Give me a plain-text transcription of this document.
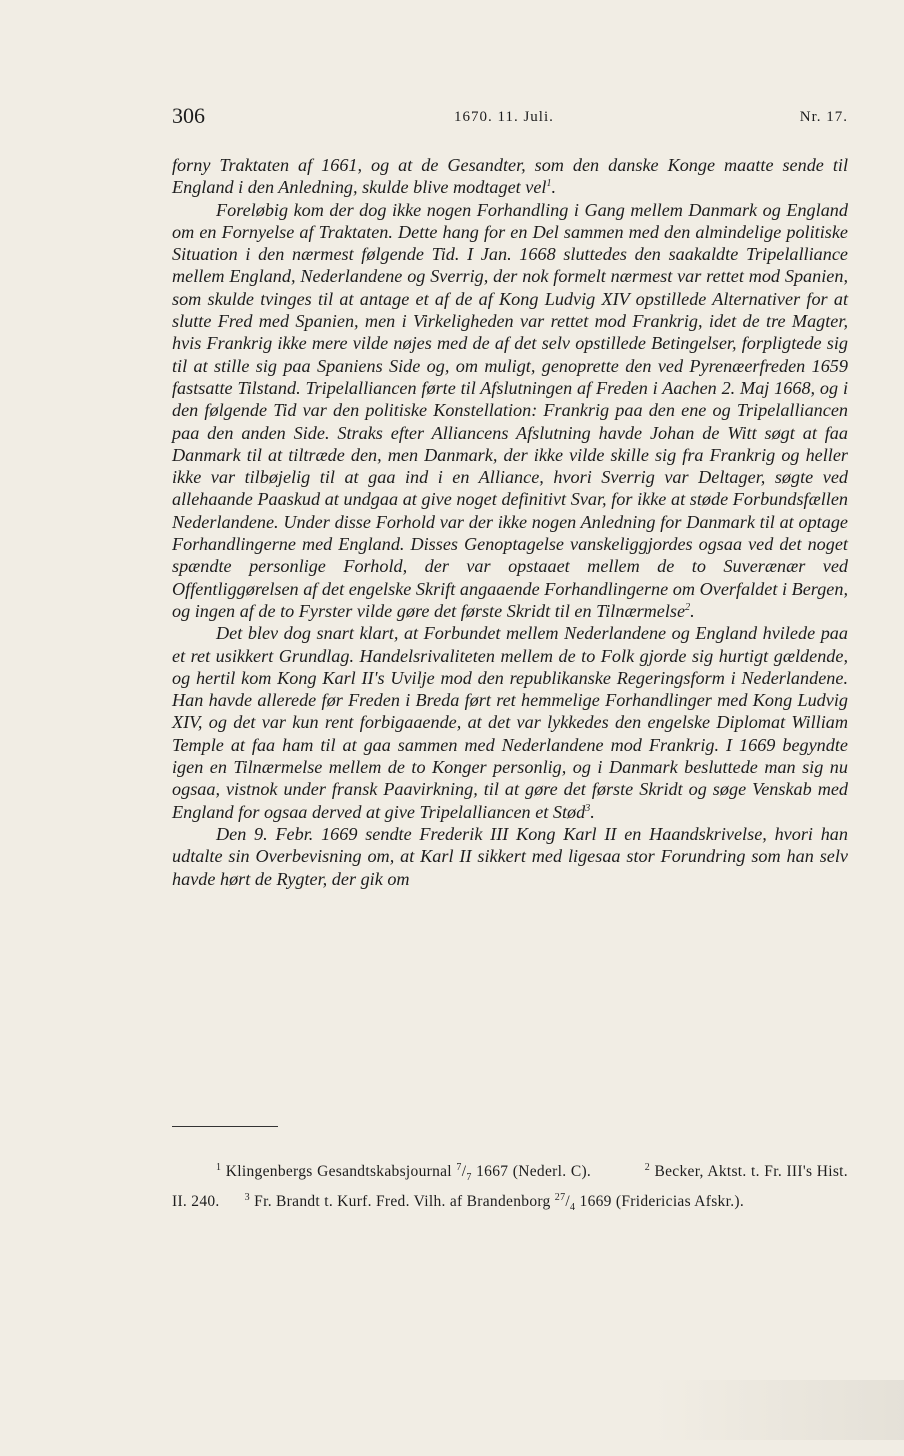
306	1670. 11. Juli.	Nr. 17.

forny Traktaten af 1661, og at de Gesandter, som den danske Konge maatte sende til England i den Anledning, skulde blive modtaget vel$^1$.

Foreløbig kom der dog ikke nogen Forhandling i Gang mellem Danmark og England om en Fornyelse af Traktaten. Dette hang for en Del sammen med den almindelige politiske Situation i den nærmest følgende Tid. I Jan. 1668 sluttedes den saakaldte Tripelalliance mellem England, Nederlandene og Sverrig, der nok formelt nærmest var rettet mod Spanien, som skulde tvinges til at antage et af de af Kong Ludvig XIV opstillede Alternativer for at slutte Fred med Spanien, men i Virkeligheden var rettet mod Frankrig, idet de tre Magter, hvis Frankrig ikke mere vilde nøjes med de af det selv opstillede Betingelser, forpligtede sig til at stille sig paa Spaniens Side og, om muligt, genoprette den ved Pyrenæerfreden 1659 fastsatte Tilstand. Tripelalliancen førte til Afslutningen af Freden i Aachen 2. Maj 1668, og i den følgende Tid var den politiske Konstellation: Frankrig paa den ene og Tripelalliancen paa den anden Side. Straks efter Alliancens Afslutning havde Johan de Witt søgt at faa Danmark til at tiltræde den, men Danmark, der ikke vilde skille sig fra Frankrig og heller ikke var tilbøjelig til at gaa ind i en Alliance, hvori Sverrig var Deltager, søgte ved allehaande Paaskud at undgaa at give noget definitivt Svar, for ikke at støde Forbundsfællen Nederlandene. Under disse Forhold var der ikke nogen Anledning for Danmark til at optage Forhandlingerne med England. Disses Genoptagelse vanskeliggjordes ogsaa ved det noget spændte personlige Forhold, der var opstaaet mellem de to Suverænær ved Offentliggørelsen af det engelske Skrift angaaende Forhandlingerne om Overfaldet i Bergen, og ingen af de to Fyrster vilde gøre det første Skridt til en Tilnærmelse$^2$.

Det blev dog snart klart, at Forbundet mellem Nederlandene og England hvilede paa et ret usikkert Grundlag. Handelsrivaliteten mellem de to Folk gjorde sig hurtigt gældende, og hertil kom Kong Karl II's Uvilje mod den republikanske Regeringsform i Nederlandene. Han havde allerede før Freden i Breda ført ret hemmelige Forhandlinger med Kong Ludvig XIV, og det var kun rent forbigaaende, at det var lykkedes den engelske Diplomat William Temple at faa ham til at gaa sammen med Nederlandene mod Frankrig. I 1669 begyndte igen en Tilnærmelse mellem de to Konger personlig, og i Danmark besluttede man sig nu ogsaa, vistnok under fransk Paavirkning, til at gøre det første Skridt og søge Venskab med England for ogsaa derved at give Tripelalliancen et Stød$^3$.

Den 9. Febr. 1669 sendte Frederik III Kong Karl II en Haandskrivelse, hvori han udtalte sin Overbevisning om, at Karl II sikkert med ligesaa stor Forundring som han selv havde hørt de Rygter, der gik om

$^1$ Klingenbergs Gesandtskabsjournal $^7/_7$ 1667 (Nederl. C).	$^2$ Becker, Aktst. t. Fr. III's Hist. II. 240.	$^3$ Fr. Brandt t. Kurf. Fred. Vilh. af Brandenborg $^{27}/_4$ 1669 (Fridericias Afskr.).
